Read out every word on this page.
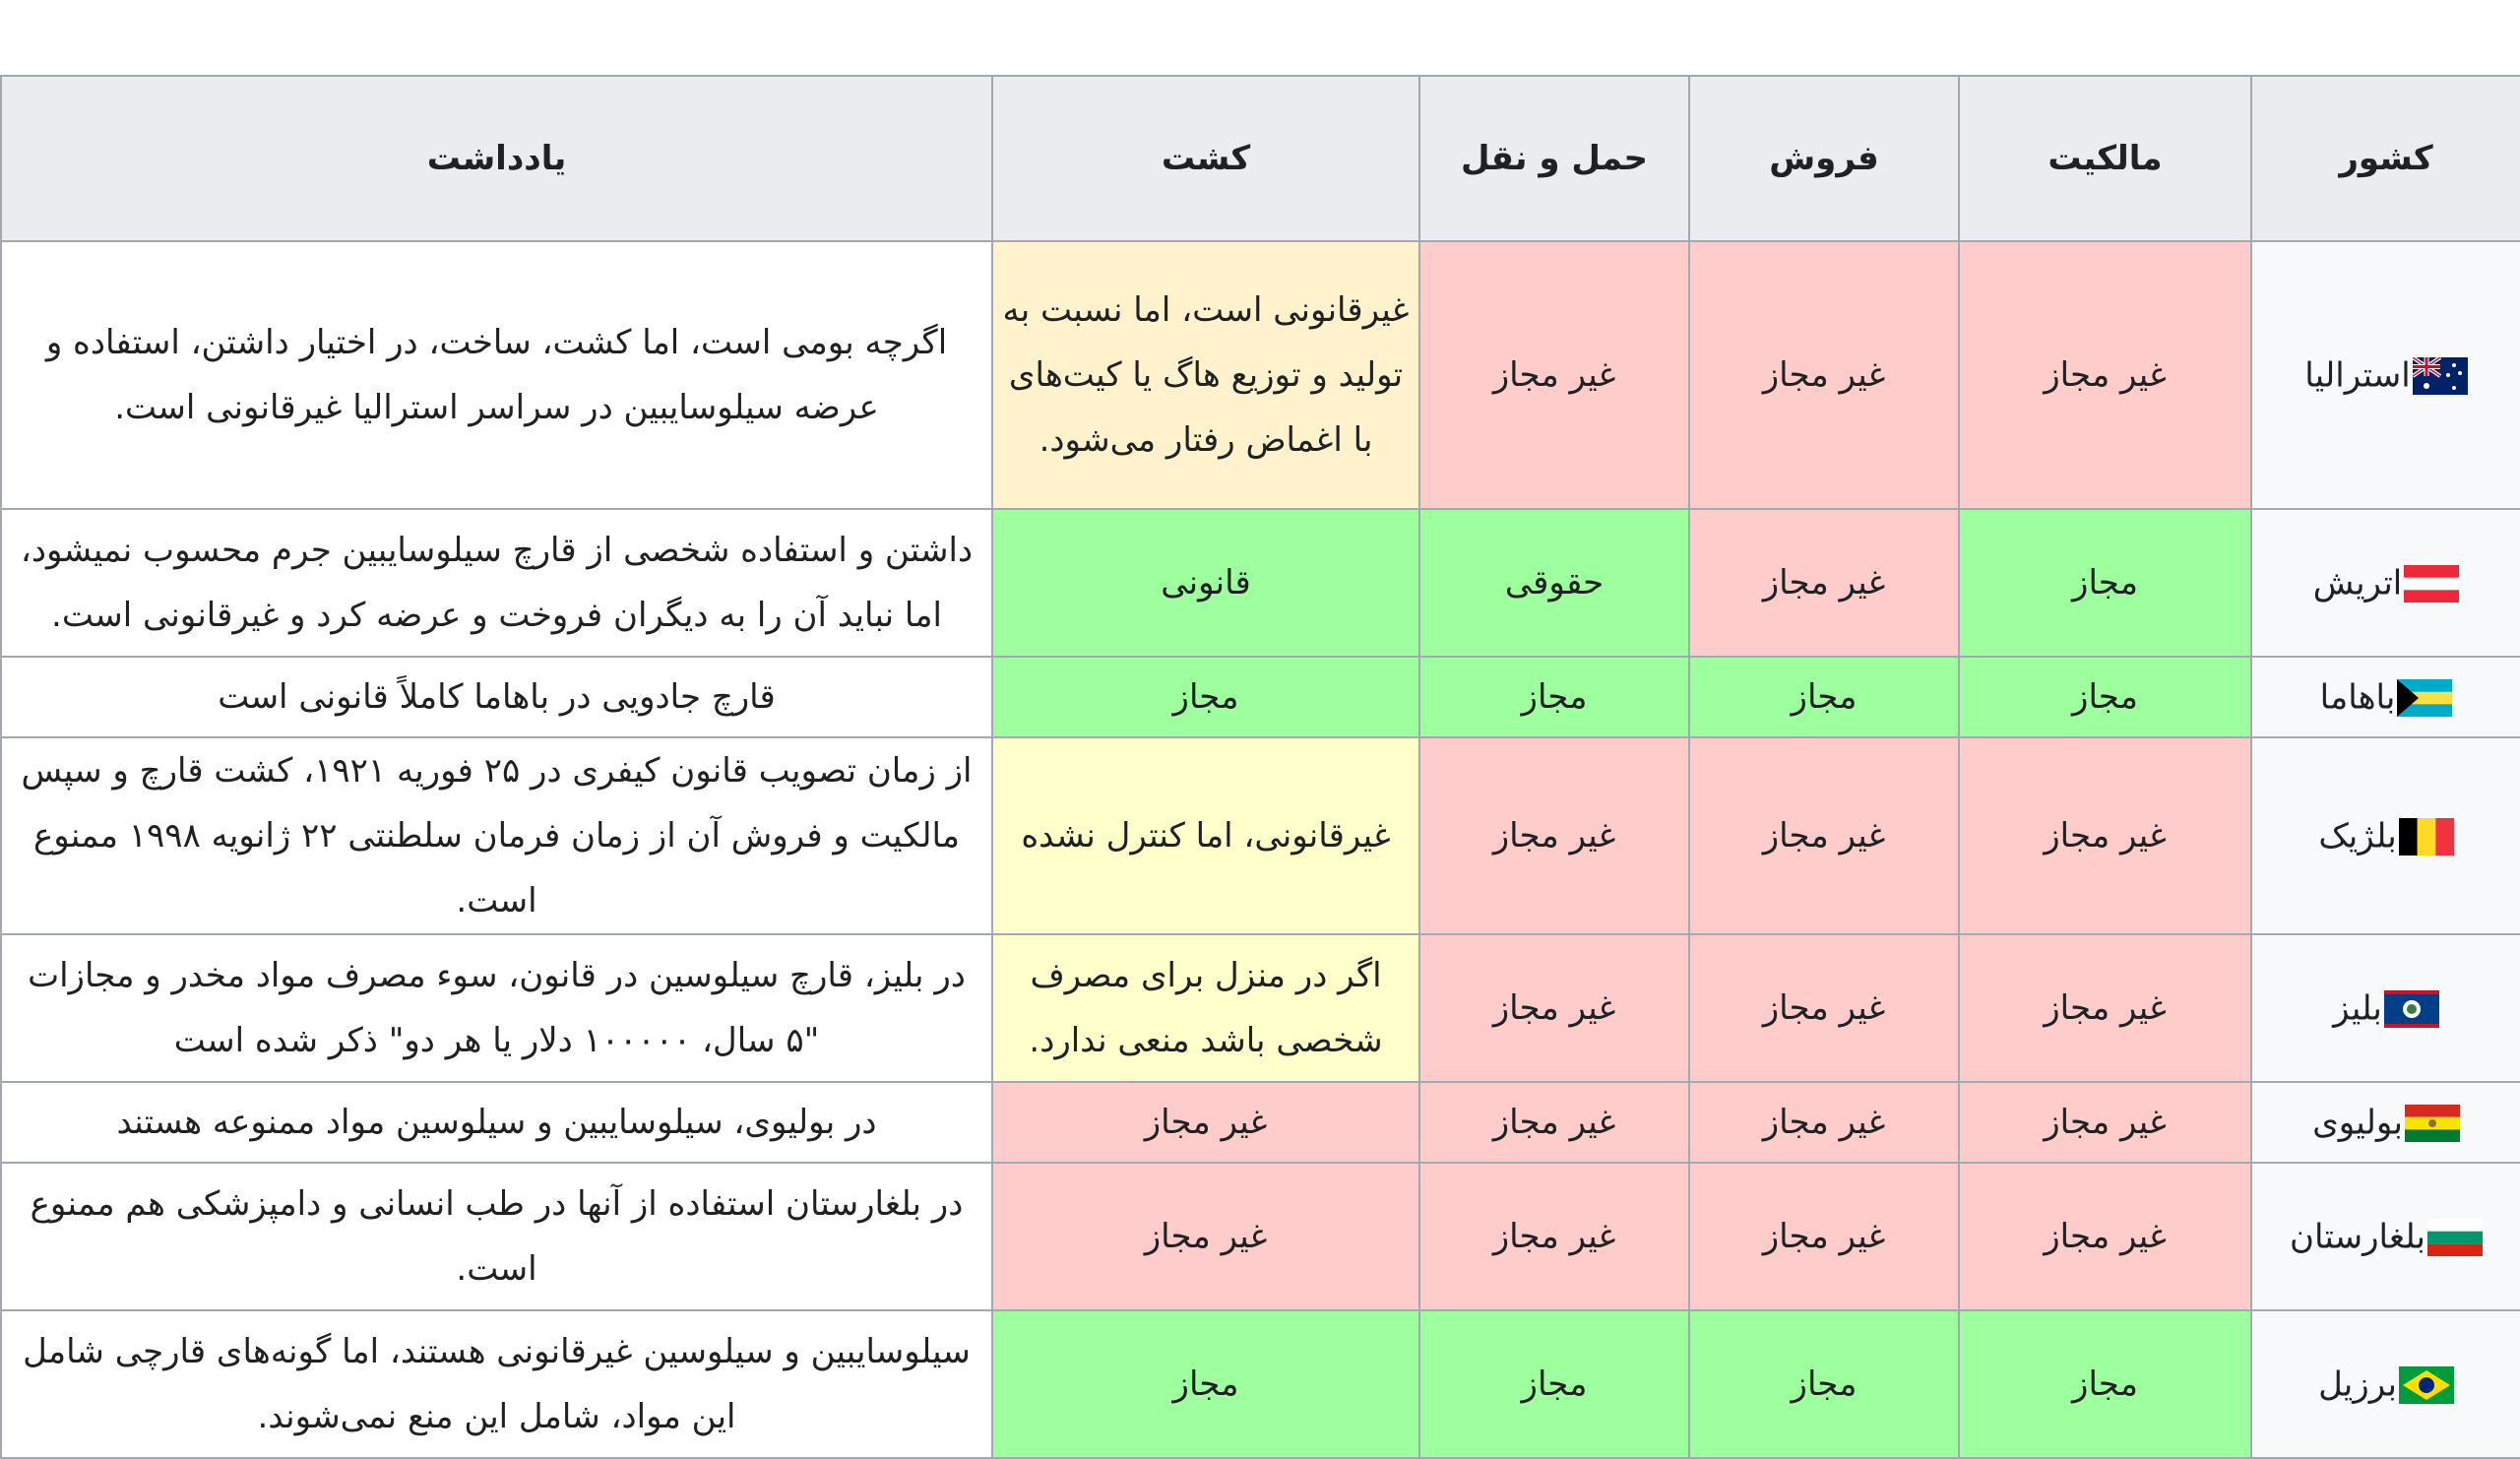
کشور	مالکیت	فروش	حمل و نقل	کشت	یادداشت

استرالیا	غیر مجاز	غیر مجاز	غیر مجاز	غیرقانونی است، اما نسبت به تولید و توزیع هاگ یا کیت‌های با اغماض رفتار می‌شود.	اگرچه بومی است، اما کشت، ساخت، در اختیار داشتن، استفاده و عرضه سیلوسایبین در سراسر استرالیا غیرقانونی است.

اتریش	مجاز	غیر مجاز	حقوقی	قانونی	داشتن و استفاده شخصی از قارچ سیلوسایبین جرم محسوب نمیشود، اما نباید آن را به دیگران فروخت و عرضه کرد و غیرقانونی است.

باهاما	مجاز	مجاز	مجاز	مجاز	قارچ جادویی در باهاما کاملاً قانونی است

بلژیک	غیر مجاز	غیر مجاز	غیر مجاز	غیرقانونی، اما کنترل نشده	از زمان تصویب قانون کیفری در ۲۵ فوریه ۱۹۲۱، کشت قارچ و سپس مالکیت و فروش آن از زمان فرمان سلطنتی ۲۲ ژانویه ۱۹۹۸ ممنوع است.

بلیز	غیر مجاز	غیر مجاز	غیر مجاز	اگر در منزل برای مصرف شخصی باشد منعی ندارد.	در بلیز، قارچ سیلوسین در قانون، سوء مصرف مواد مخدر و مجازات "۵ سال، ۱۰۰۰۰۰ دلار یا هر دو" ذکر شده است

بولیوی	غیر مجاز	غیر مجاز	غیر مجاز	غیر مجاز	در بولیوی، سیلوسایبین و سیلوسین مواد ممنوعه هستند

بلغارستان	غیر مجاز	غیر مجاز	غیر مجاز	غیر مجاز	در بلغارستان استفاده از آنها در طب انسانی و دامپزشکی هم ممنوع است.

برزیل	مجاز	مجاز	مجاز	مجاز	سیلوسایبین و سیلوسین غیرقانونی هستند، اما گونه‌های قارچی شامل این مواد، شامل این منع نمی‌شوند.
